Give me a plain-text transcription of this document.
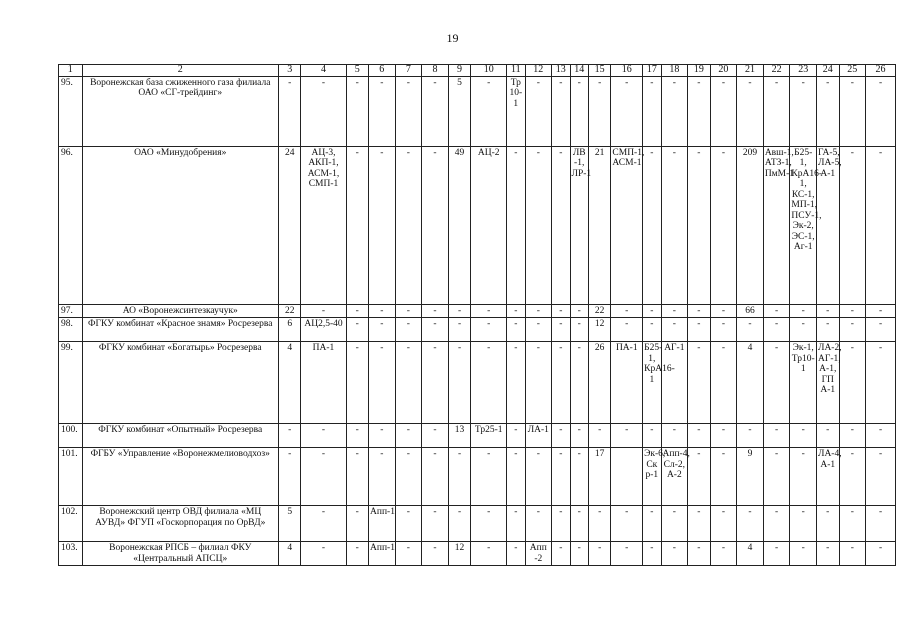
19
1	2	3	4	5	6	7	8	9	10	11	12	13	14	15	16	17	18	19	20	21	22	23	24	25	26
95.	Воронежская база сжиженного газа филиала ОАО «СГ-трейдинг»	-	-	-	-	-	-	5	-	Тр 10-1	-	-	-	-	-	-	-	-	-	-	-	-	-	-	-
96.	ОАО «Минудобрения»	24	АЦ-3, АКП-1, АСМ-1, СМП-1	-	-	-	-	49	АЦ-2	-	-	-	ЛВ -1, ЛР-1	21	СМП-1, АСМ-1	-	-	-	-	209	Авш-1, АТЗ-1, ПмМ-1	Б25-1, КрА16-1, КС-1, МП-1, ПСУ-1, Эк-2, ЭС-1, Аг-1	ГА-5, ЛА-5, А-1	-	-
97.	АО «Воронежсинтезкаучук»	22	-	-	-	-	-	-	-	-	-	-	-	22	-	-	-	-	-	66	-	-	-	-	-
98.	ФГКУ комбинат «Красное знамя» Росрезерва	6	АЦ2,5-40	-	-	-	-	-	-	-	-	-	-	12	-	-	-	-	-	-	-	-	-	-	-
99.	ФГКУ комбинат «Богатырь» Росрезерва	4	ПА-1	-	-	-	-	-	-	-	-	-	-	26	ПА-1	Б25-1, КрА16-1	АГ-1	-	-	4	-	Эк-1, Тр10-1	ЛА-2, АГ-1, А-1, ГП А-1	-	-
100.	ФГКУ комбинат «Опытный» Росрезерва	-	-	-	-	-	-	13	Тр25-1	-	ЛА-1	-	-	-	-	-	-	-	-	-	-	-	-	-	-
101.	ФГБУ «Управление «Воронежмелиоводхоз»	-	-	-	-	-	-	-	-	-	-	-	-	17		Эк-6, Ск р-1	Апп-4, Сл-2, А-2	-	-	9	-	-	ЛА-4, А-1	-	-
102.	Воронежский центр ОВД филиала «МЦ АУВД» ФГУП «Госкорпорация по ОрВД»	5	-	-	Апп-1	-	-	-	-	-	-	-	-	-	-	-	-	-	-	-	-	-	-	-	-
103.	Воронежская РПСБ – филиал ФКУ «Центральный АПСЦ»	4	-	-	Апп-1	-	-	12	-	-	Апп -2	-	-	-	-	-	-	-	-	4	-	-	-	-	-
